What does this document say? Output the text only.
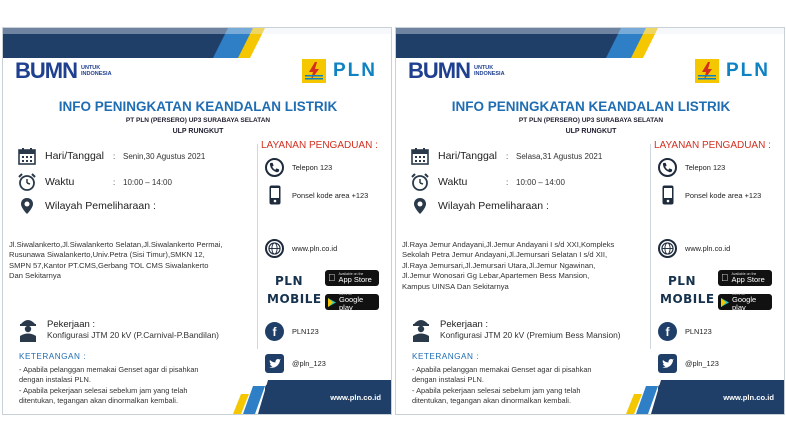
BUMN UNTUK
INDONESIA	PLN
INFO PENINGKATAN KEANDALAN LISTRIK
PT PLN (PERSERO) UP3 SURABAYA SELATAN
ULP RUNGKUT
Hari/Tanggal : Senin,30 Agustus 2021
Waktu	: 10:00 – 14:00
Wilayah Pemeliharaan :
Jl.Siwalankerto,Jl.Siwalankerto Selatan,Jl.Siwalankerto Permai,
Rusunawa Siwalankerto,Univ.Petra (Sisi Timur),SMKN 12,
SMPN 57,Kantor PT.CMS,Gerbang TOL CMS Siwalankerto
Dan Sekitarnya
Pekerjaan :
Konfigurasi JTM 20 kV (P.Carnival-P.Bandilan)
LAYANAN PENGADUAN :
Telepon 123
Ponsel kode area +123
www.pln.co.id
PLN
MOBILE
Available on the
App Store
Get it on
Google play
f PLN123
@pln_123
KETERANGAN :
- Apabila pelanggan memakai Genset agar di pisahkan
dengan instalasi PLN.
- Apabila pekerjaan selesai sebelum jam yang telah
ditentukan, tegangan akan dinormalkan kembali.	www.pln.co.id
BUMN UNTUK
INDONESIA	PLN
INFO PENINGKATAN KEANDALAN LISTRIK
PT PLN (PERSERO) UP3 SURABAYA SELATAN
ULP RUNGKUT
Hari/Tanggal : Selasa,31 Agustus 2021
Waktu	: 10:00 – 14:00
Wilayah Pemeliharaan :
Jl.Raya Jemur Andayani,Jl.Jemur Andayani I s/d XXI,Kompleks
Sekolah Petra Jemur Andayani,Jl.Jemursari Selatan I s/d XII,
Jl.Raya Jemursari,Jl.Jemursari Utara,Jl.Jemur Ngawinan,
Jl.Jemur Wonosari Gg Lebar,Apartemen Bess Mansion,
Kampus UINSA Dan Sekitarnya
Pekerjaan :
Konfigurasi JTM 20 kV (Premium Bess Mansion)
LAYANAN PENGADUAN :
Telepon 123
Ponsel kode area +123
www.pln.co.id
PLN
MOBILE
Available on the
App Store
Get it on
Google play
f PLN123
@pln_123
KETERANGAN :
- Apabila pelanggan memakai Genset agar di pisahkan
dengan instalasi PLN.
- Apabila pekerjaan selesai sebelum jam yang telah
ditentukan, tegangan akan dinormalkan kembali.	www.pln.co.id
